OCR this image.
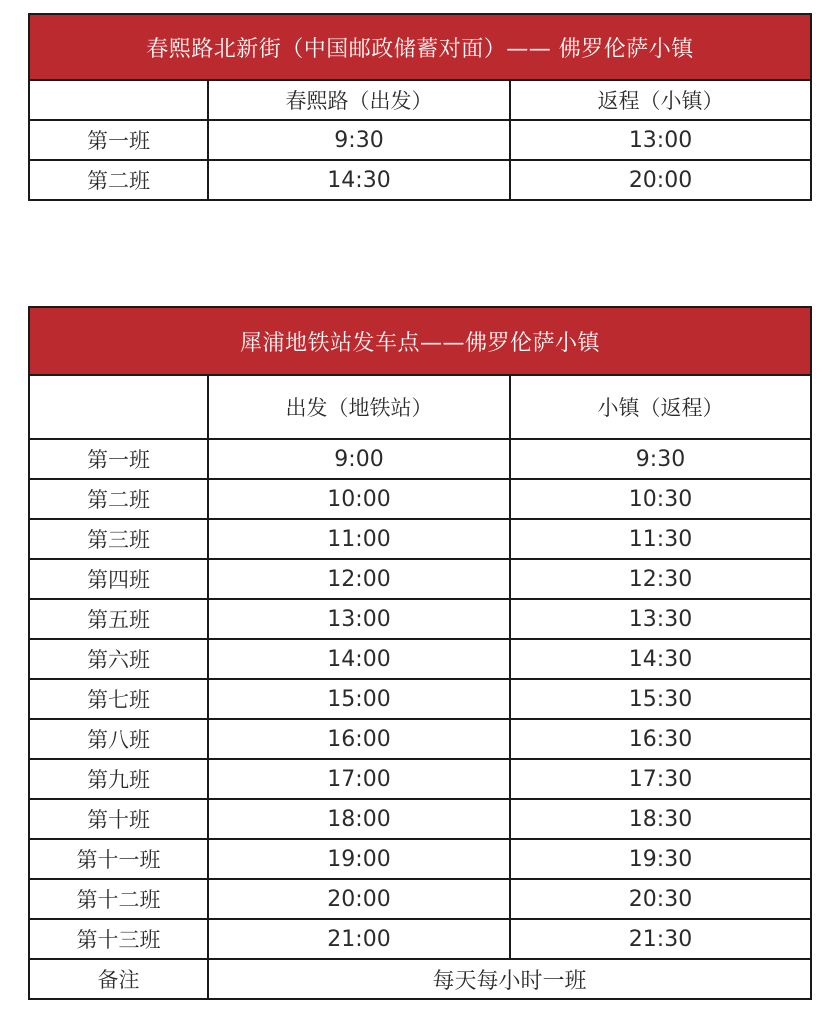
春熙路北新街（中国邮政储蓄对面）—— 佛罗伦萨小镇		
	春熙路（出发）	返程（小镇）
第一班	9:30	13:00
第二班	14:30	20:00
犀浦地铁站发车点——佛罗伦萨小镇		
	出发（地铁站）	小镇（返程）
第一班	9:00	9:30
第二班	10:00	10:30
第三班	11:00	11:30
第四班	12:00	12:30
第五班	13:00	13:30
第六班	14:00	14:30
第七班	15:00	15:30
第八班	16:00	16:30
第九班	17:00	17:30
第十班	18:00	18:30
第十一班	19:00	19:30
第十二班	20:00	20:30
第十三班	21:00	21:30
备注	每天每小时一班	
